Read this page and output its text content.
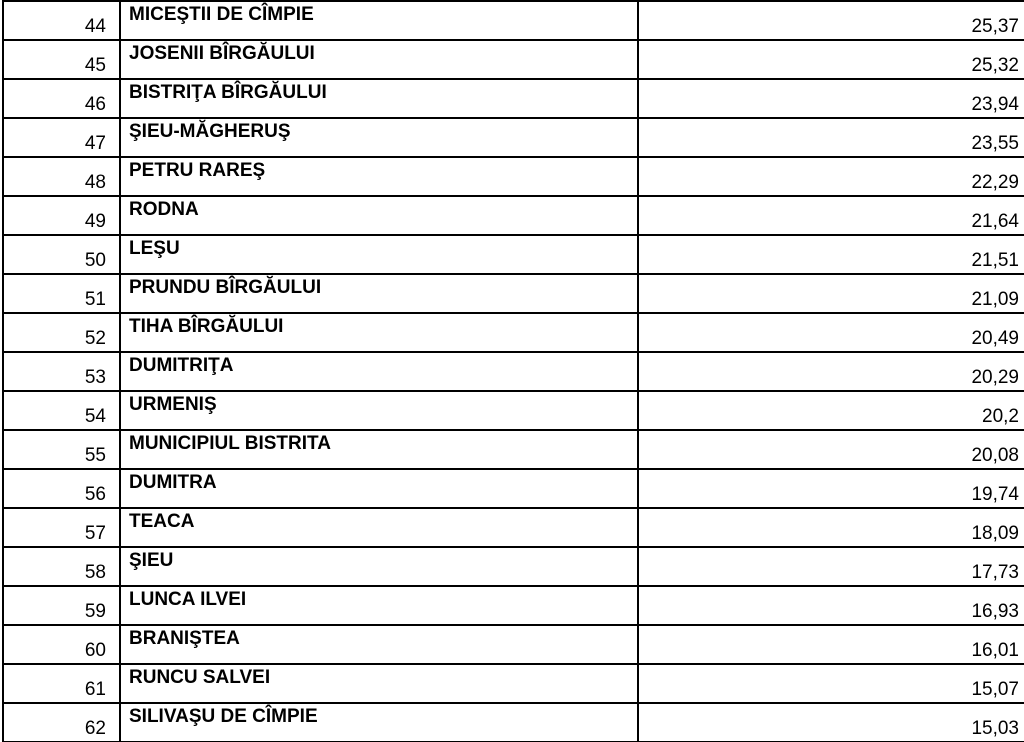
44
MICEŞTII DE CÎMPIE
25,37
45
JOSENII BÎRGĂULUI
25,32
46
BISTRIŢA BÎRGĂULUI
23,94
47
ŞIEU-MĂGHERUŞ
23,55
48
PETRU RAREŞ
22,29
49
RODNA
21,64
50
LEŞU
21,51
51
PRUNDU BÎRGĂULUI
21,09
52
TIHA BÎRGĂULUI
20,49
53
DUMITRIŢA
20,29
54
URMENIŞ
20,2
55
MUNICIPIUL BISTRITA
20,08
56
DUMITRA
19,74
57
TEACA
18,09
58
ŞIEU
17,73
59
LUNCA ILVEI
16,93
60
BRANIŞTEA
16,01
61
RUNCU SALVEI
15,07
62
SILIVAŞU DE CÎMPIE
15,03
